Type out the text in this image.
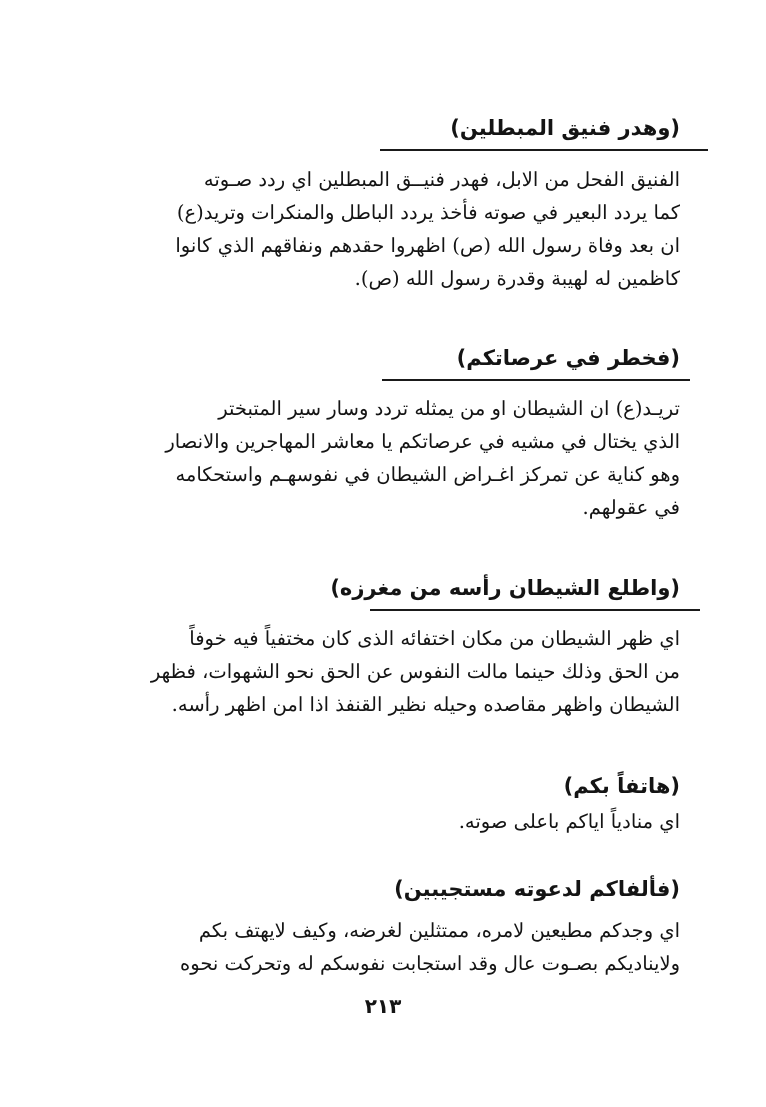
(وهدر فنيق المبطلين)
الفنيق الفحل من الابل، فهدر فنيــق المبطلين اي ردد صـوته
كما يردد البعير في صوته فأخذ يردد الباطل والمنكرات وتريد(ع)
ان بعد وفاة رسول الله (ص) اظهروا حقدهم ونفاقهم الذي كانوا
كاظمين له لهيبة وقدرة رسول الله (ص).
(فخطر في عرصاتكم)
تريـد(ع) ان الشيطان او من يمثله تردد وسار سير المتبختر
الذي يختال في مشيه في عرصاتكم يا معاشر المهاجرين والانصار
وهو كناية عن تمركز اغـراض الشيطان في نفوسهـم واستحكامه
في عقولهم.
(واطلع الشيطان رأسه من مغرزه)
اي ظهر الشيطان من مكان اختفائه الذى كان مختفياً فيه خوفاً
من الحق وذلك حينما مالت النفوس عن الحق نحو الشهوات، فظهر
الشيطان واظهر مقاصده وحيله نظير القنفذ اذا امن اظهر رأسه.
(هاتفاً بكم)
اي منادياً اياكم باعلى صوته.
(فألفاكم لدعوته مستجيبين)
اي وجدكم مطيعين لامره، ممتثلين لغرضه، وكيف لايهتف بكم
ولايناديكم بصـوت عال وقد استجابت نفوسكم له وتحركت نحوه
٢١٣
